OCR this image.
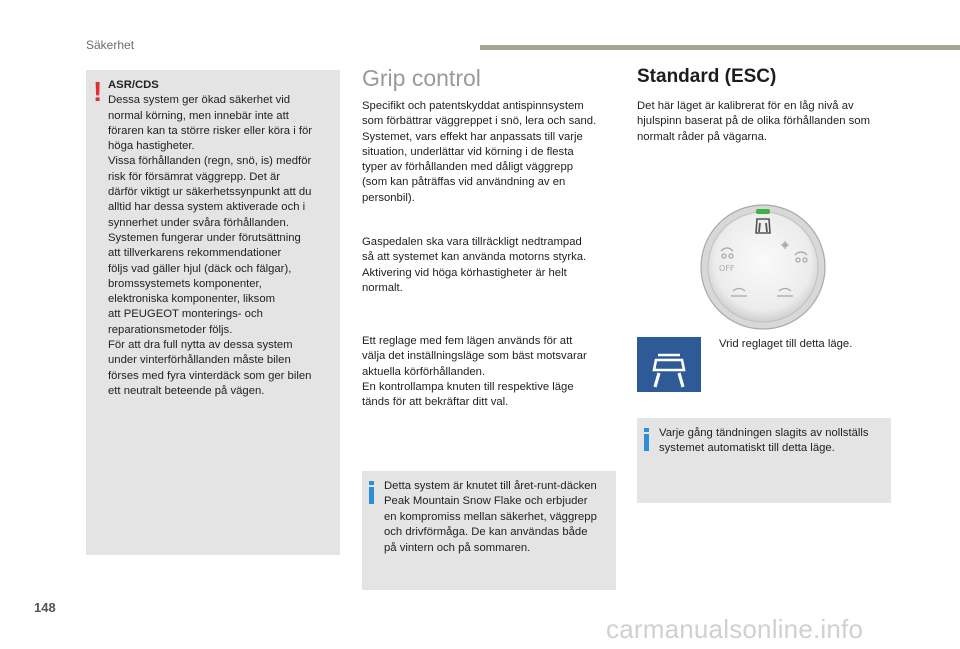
Säkerhet
! ASR/CDS

Dessa system ger ökad säkerhet vid

normal körning, men innebär inte att

föraren kan ta större risker eller köra i för

höga hastigheter.

Vissa förhållanden (regn, snö, is) medför

risk för försämrat väggrepp. Det är

därför viktigt ur säkerhetssynpunkt att du

alltid har dessa system aktiverade och i

synnerhet under svåra förhållanden.

Systemen fungerar under förutsättning

att tillverkarens rekommendationer

följs vad gäller hjul (däck och fälgar),

bromssystemets komponenter,

elektroniska komponenter, liksom

att PEUGEOT monterings- och

reparationsmetoder följs.

För att dra full nytta av dessa system

under vinterförhållanden måste bilen

förses med fyra vinterdäck som ger bilen

ett neutralt beteende på vägen.

Grip control
Specifikt och patentskyddat antispinnsystem
som förbättrar väggreppet i snö, lera och sand.
Systemet, vars effekt har anpassats till varje
situation, underlättar vid körning i de flesta
typer av förhållanden med dåligt väggrepp
(som kan påträffas vid användning av en
personbil).
Gaspedalen ska vara tillräckligt nedtrampad
så att systemet kan använda motorns styrka.
Aktivering vid höga körhastigheter är helt
normalt.
Ett reglage med fem lägen används för att
välja det inställningsläge som bäst motsvarar
aktuella körförhållanden.
En kontrollampa knuten till respektive läge
tänds för att bekräftar ditt val.
Detta system är knutet till året-runt-däcken
Peak Mountain Snow Flake och erbjuder
en kompromiss mellan säkerhet, väggrepp
och drivförmåga. De kan användas både
på vintern och på sommaren.
Standard (ESC)
Det här läget är kalibrerat för en låg nivå av
hjulspinn baserat på de olika förhållanden som
normalt råder på vägarna.
OFF
Vrid reglaget till detta läge.
Varje gång tändningen slagits av nollställs
systemet automatiskt till detta läge.
148
carmanualsonline.info
